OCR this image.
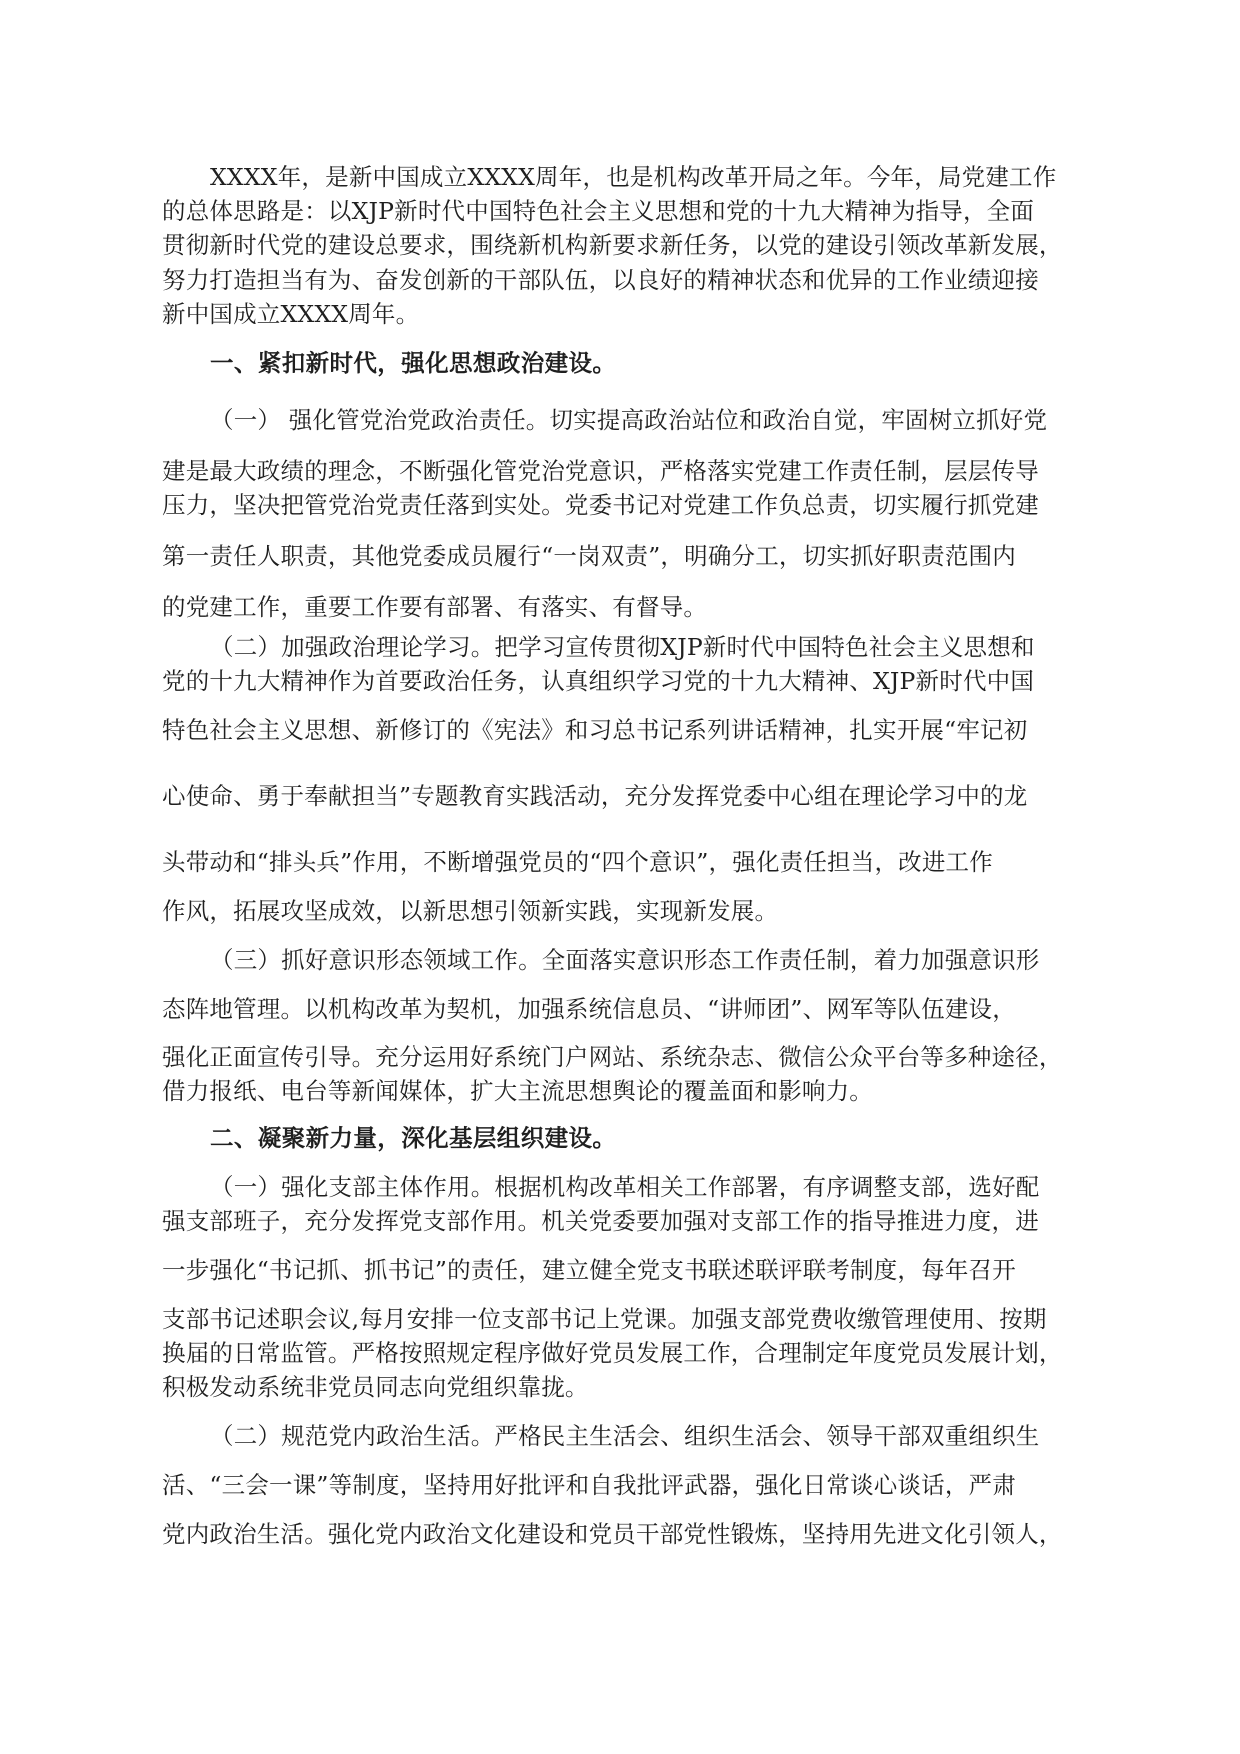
XXXX年，是新中国成立XXXX周年，也是机构改革开局之年。今年，局党建工作
的总体思路是：以XJP新时代中国特色社会主义思想和党的十九大精神为指导，全面
贯彻新时代党的建设总要求，围绕新机构新要求新任务，以党的建设引领改革新发展，
努力打造担当有为、奋发创新的干部队伍，以良好的精神状态和优异的工作业绩迎接
新中国成立XXXX周年。
一、紧扣新时代，强化思想政治建设。
（一） 强化管党治党政治责任。切实提高政治站位和政治自觉，牢固树立抓好党
建是最大政绩的理念，不断强化管党治党意识，严格落实党建工作责任制，层层传导
压力，坚决把管党治党责任落到实处。党委书记对党建工作负总责，切实履行抓党建
第一责任人职责，其他党委成员履行“一岗双责”，明确分工，切实抓好职责范围内
的党建工作，重要工作要有部署、有落实、有督导。
（二）加强政治理论学习。把学习宣传贯彻XJP新时代中国特色社会主义思想和
党的十九大精神作为首要政治任务，认真组织学习党的十九大精神、XJP新时代中国
特色社会主义思想、新修订的《宪法》和习总书记系列讲话精神，扎实开展“牢记初
心使命、勇于奉献担当”专题教育实践活动，充分发挥党委中心组在理论学习中的龙
头带动和“排头兵”作用，不断增强党员的“四个意识”，强化责任担当，改进工作
作风，拓展攻坚成效，以新思想引领新实践，实现新发展。
（三）抓好意识形态领域工作。全面落实意识形态工作责任制，着力加强意识形
态阵地管理。以机构改革为契机，加强系统信息员、“讲师团”、网军等队伍建设，
强化正面宣传引导。充分运用好系统门户网站、系统杂志、微信公众平台等多种途径，
借力报纸、电台等新闻媒体，扩大主流思想舆论的覆盖面和影响力。
二、凝聚新力量，深化基层组织建设。
（一）强化支部主体作用。根据机构改革相关工作部署，有序调整支部，选好配
强支部班子，充分发挥党支部作用。机关党委要加强对支部工作的指导推进力度，进
一步强化“书记抓、抓书记”的责任，建立健全党支书联述联评联考制度，每年召开
支部书记述职会议,每月安排一位支部书记上党课。加强支部党费收缴管理使用、按期
换届的日常监管。严格按照规定程序做好党员发展工作，合理制定年度党员发展计划，
积极发动系统非党员同志向党组织靠拢。
（二）规范党内政治生活。严格民主生活会、组织生活会、领导干部双重组织生
活、“三会一课”等制度，坚持用好批评和自我批评武器，强化日常谈心谈话，严肃
党内政治生活。强化党内政治文化建设和党员干部党性锻炼，坚持用先进文化引领人，
